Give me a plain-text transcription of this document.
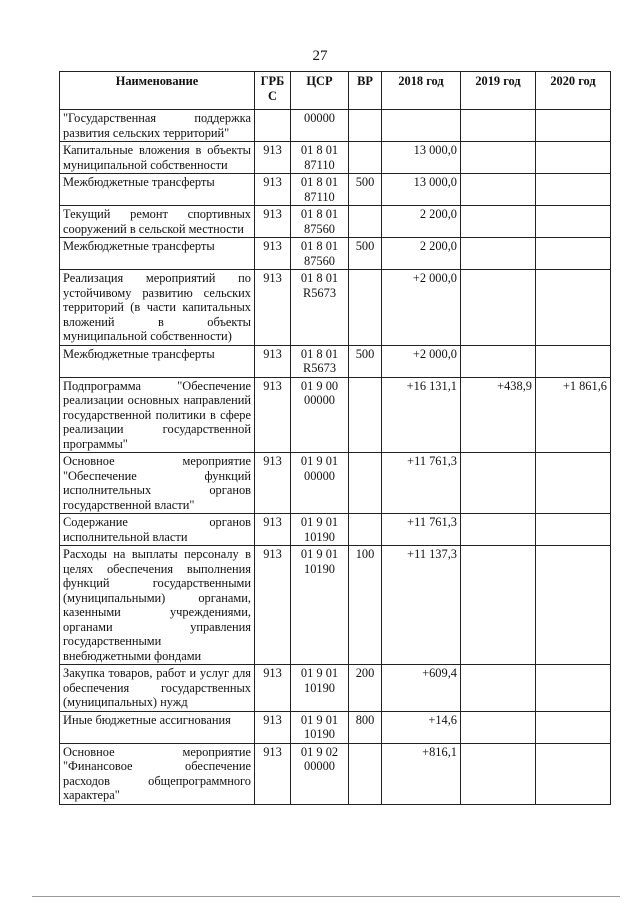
27
Наименование	ГРБС	ЦСР	ВР	2018 год	2019 год	2020 год
"Государственная поддержка развития сельских территорий"		00000				
Капитальные вложения в объекты муниципальной собственности	913	01 8 01 87110		13 000,0		
Межбюджетные трансферты	913	01 8 01 87110	500	13 000,0		
Текущий ремонт спортивных сооружений в сельской местности	913	01 8 01 87560		2 200,0		
Межбюджетные трансферты	913	01 8 01 87560	500	2 200,0		
Реализация мероприятий по устойчивому развитию сельских территорий (в части капитальных вложений в объекты муниципальной собственности)	913	01 8 01 R5673		+2 000,0		
Межбюджетные трансферты	913	01 8 01 R5673	500	+2 000,0		
Подпрограмма "Обеспечение реализации основных направлений государственной политики в сфере реализации государственной программы"	913	01 9 00 00000		+16 131,1	+438,9	+1 861,6
Основное мероприятие "Обеспечение функций исполнительных органов государственной власти"	913	01 9 01 00000		+11 761,3		
Содержание органов исполнительной власти	913	01 9 01 10190		+11 761,3		
Расходы на выплаты персоналу в целях обеспечения выполнения функций государственными (муниципальными) органами, казенными учреждениями, органами управления государственными внебюджетными фондами	913	01 9 01 10190	100	+11 137,3		
Закупка товаров, работ и услуг для обеспечения государственных (муниципальных) нужд	913	01 9 01 10190	200	+609,4		
Иные бюджетные ассигнования	913	01 9 01 10190	800	+14,6		
Основное мероприятие "Финансовое обеспечение расходов общепрограммного характера"	913	01 9 02 00000		+816,1		
